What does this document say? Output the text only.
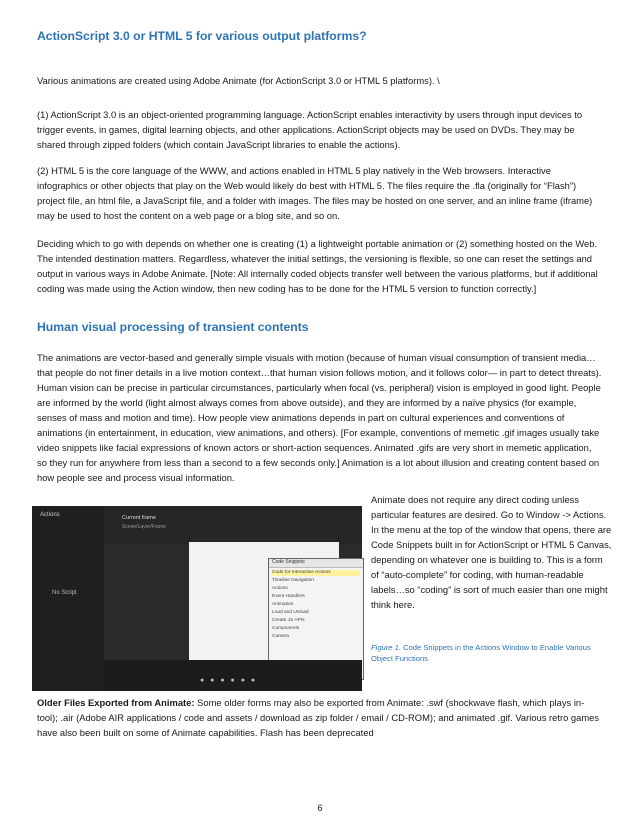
ActionScript 3.0 or HTML 5 for various output platforms?

Various animations are created using Adobe Animate (for ActionScript 3.0 or HTML 5 platforms). \

(1) ActionScript 3.0 is an object-oriented programming language. ActionScript enables interactivity by users through input devices to trigger events, in games, digital learning objects, and other applications. ActionScript objects may be used on DVDs. They may be shared through zipped folders (which contain JavaScript libraries to enable the actions).

(2) HTML 5 is the core language of the WWW, and actions enabled in HTML 5 play natively in the Web browsers. Interactive infographics or other objects that play on the Web would likely do best with HTML 5. The files require the .fla (originally for “Flash”) project file, an html file, a JavaScript file, and a folder with images. The files may be hosted on one server, and an inline frame (iframe) may be used to host the content on a web page or a blog site, and so on.

Deciding which to go with depends on whether one is creating (1) a lightweight portable animation or (2) something hosted on the Web. The intended destination matters. Regardless, whatever the initial settings, the versioning is flexible, so one can reset the settings and output in various ways in Adobe Animate. [Note: All internally coded objects transfer well between the various platforms, but if additional coding was made using the Action window, then new coding has to be done for the HTML 5 version to function correctly.]

Human visual processing of transient contents

The animations are vector-based and generally simple visuals with motion (because of human visual consumption of transient media…that people do not finer details in a live motion context…that human vision follows motion, and it follows color— in part to detect threats). Human vision can be precise in particular circumstances, particularly when focal (vs. peripheral) vision is employed in good light. People are informed by the world (light almost always comes from above outside), and they are informed by a naïve physics (for example, senses of mass and motion and time). How people view animations depends in part on cultural experiences and conventions of animations (in entertainment, in education, view animations, and others). [For example, conventions of memetic .gif images usually take video snippets like facial expressions of known actors or short-action sequences. Animated .gifs are very short in memetic application, so they run for anywhere from less than a second to a few seconds only.] Animation is a lot about illusion and creating content based on how people see and process visual information.

6

Actions
No Script
Current frame
Scene/Layer/Frame
Code Snippets
Code for Interactive Actions
Timeline Navigation
Actions
Event Handlers
Animation
Load and Unload
Create JS APIs
Components
Camera
● ● ● ● ● ●

Animate does not require any direct coding unless particular features are desired. Go to Window -> Actions. In the menu at the top of the window that opens, there are Code Snippets built in for ActionScript or HTML 5 Canvas, depending on whatever one is building to. This is a form of “auto-complete” for coding, with human-readable labels…so “coding” is sort of much easier than one might think here.

Figure 1. Code Snippets in the Actions Window to Enable Various Object Functions

Older Files Exported from Animate: Some older forms may also be exported from Animate: .swf (shockwave flash, which plays in-tool); .air (Adobe AIR applications / code and assets / download as zip folder / email / CD-ROM); and animated .gif. Various retro games have also been built on some of Animate capabilities. Flash has been deprecated
